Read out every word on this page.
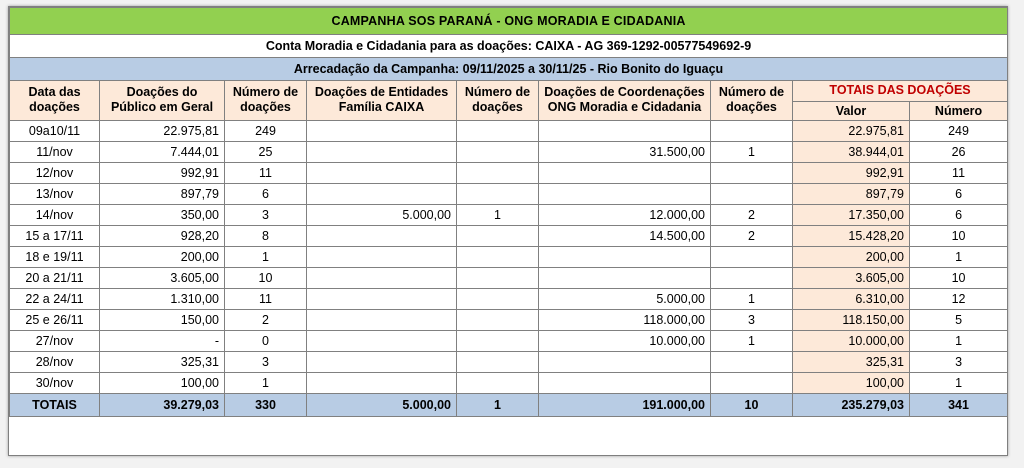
CAMPANHA SOS PARANÁ - ONG MORADIA E CIDADANIA								
Conta Moradia e Cidadania para as doações: CAIXA - AG 369-1292-00577549692-9								
Arrecadação da Campanha: 09/11/2025 a 30/11/25 - Rio Bonito do Iguaçu								
Data das doações	Doações do Público em Geral	Número de doações	Doações de Entidades Família CAIXA	Número de doações	Doações de Coordenações ONG Moradia e Cidadania	Número de doações	TOTAIS DAS DOAÇÕES	
							Valor	Número
09a10/11	22.975,81	249					22.975,81	249
11/nov	7.444,01	25			31.500,00	1	38.944,01	26
12/nov	992,91	11					992,91	11
13/nov	897,79	6					897,79	6
14/nov	350,00	3	5.000,00	1	12.000,00	2	17.350,00	6
15 a 17/11	928,20	8			14.500,00	2	15.428,20	10
18 e 19/11	200,00	1					200,00	1
20 a 21/11	3.605,00	10					3.605,00	10
22 a 24/11	1.310,00	11			5.000,00	1	6.310,00	12
25 e 26/11	150,00	2			118.000,00	3	118.150,00	5
27/nov	-	0			10.000,00	1	10.000,00	1
28/nov	325,31	3					325,31	3
30/nov	100,00	1					100,00	1
TOTAIS	39.279,03	330	5.000,00	1	191.000,00	10	235.279,03	341
